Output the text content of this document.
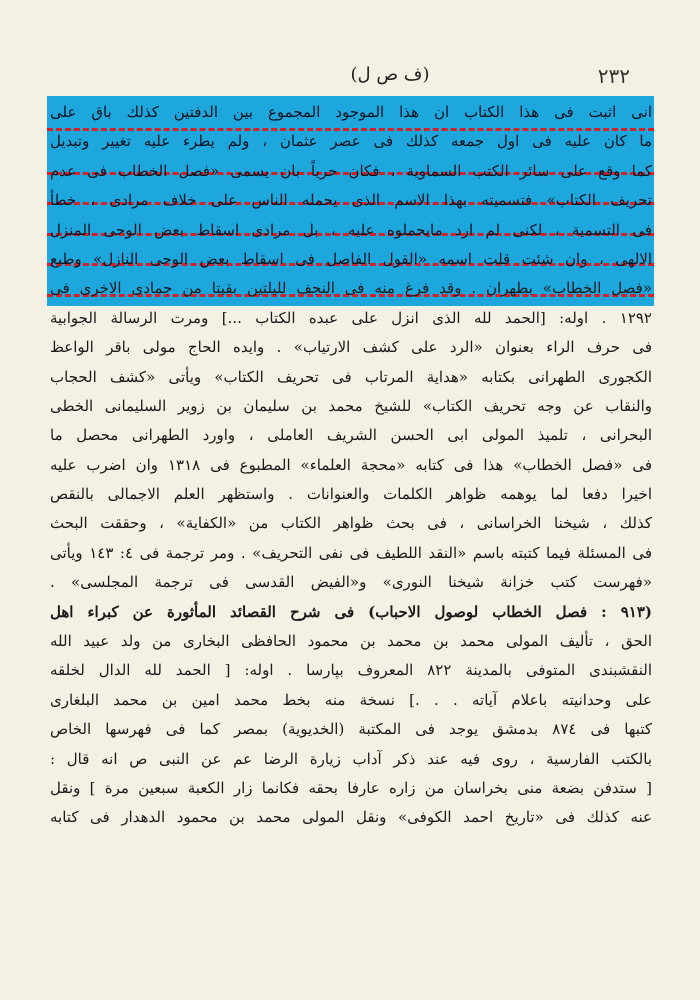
٢٣٢
(ف ص ل)
انى اثبت فى هذا الكتاب ان هذا الموجود المجموع بين الدفتين كذلك باق على
ما كان عليه فى اول جمعه كذلك فى عصر عثمان ، ولم يطرء عليه تغيير وتبديل
كما وقع على سائر الكتب السماوية ، فكان حرياً بان يسمى «فصل الخطاب فى عدم
تحريف الكتاب» فتسميته بهذا الاسم الذى يحمله الناس على خلاف مرادى ، خطأ
فى التسمية ، لكنى لم ارد مايحملوه عليه ، بل مرادى اسقاط بعض الوحى المنزل
الالهى ، وان شئت قلت اسمه «القول الفاصل فى اسقاط بعض الوحى النازل» وطبع
«فصل الخطاب» بطهران . وقد فرغ منه فى النجف لليلتين بقيتا من جمادى الاخرى فى
١٢٩٢ . اوله: [الحمد لله الذى انزل على عبده الكتاب ...] ومرت الرسالة الجوابية
فى حرف الراء بعنوان «الرد على كشف الارتياب» . وايده الحاج مولى باقر الواعظ
الكجورى الطهرانى بكتابه «هداية المرتاب فى تحريف الكتاب» ويأتى «كشف الحجاب
والنقاب عن وجه تحريف الكتاب» للشيخ محمد بن سليمان بن زوير السليمانى الخطى
البحرانى ، تلميذ المولى ابى الحسن الشريف العاملى ، واورد الطهرانى محصل ما
فى «فصل الخطاب» هذا فى كتابه «محجة العلماء» المطبوع فى ١٣١٨ وان اضرب عليه
اخيرا دفعا لما يوهمه ظواهر الكلمات والعنوانات . واستظهر العلم الاجمالى بالنقص
كذلك ، شيخنا الخراسانى ، فى بحث ظواهر الكتاب من «الكفاية» ، وحققت البحث
فى المسئلة فيما كتبته باسم «النقد اللطيف فى نفى التحريف» . ومر ترجمة فى ٤: ١٤٣ ويأتى
«فهرست كتب خزانة شيخنا النورى» و«الفيض القدسى فى ترجمة المجلسى» .
(٩١٣ : فصل الخطاب لوصول الاحباب) فى شرح القصائد المأثورة عن كبراء اهل
الحق ، تأليف المولى محمد بن محمد بن محمود الحافظى البخارى من ولد عبيد الله
النقشبندى المتوفى بالمدينة ٨٢٢ المعروف بپارسا . اوله: [ الحمد لله الدال لخلقه
على وحدانيته باعلام آياته . . .] نسخة منه بخط محمد امين بن محمد البلغارى
كتبها فى ٨٧٤ بدمشق يوجد فى المكتبة (الخديوية) بمصر كما فى فهرسها الخاص
بالكتب الفارسية ، روى فيه عند ذكر آداب زيارة الرضا عم عن النبى ص انه قال :
[ ستدفن بضعة منى بخراسان من زاره عارفا بحقه فكانما زار الكعبة سبعين مرة ] ونقل
عنه كذلك فى «تاريخ احمد الكوفى» ونقل المولى محمد بن محمود الدهدار فى كتابه
